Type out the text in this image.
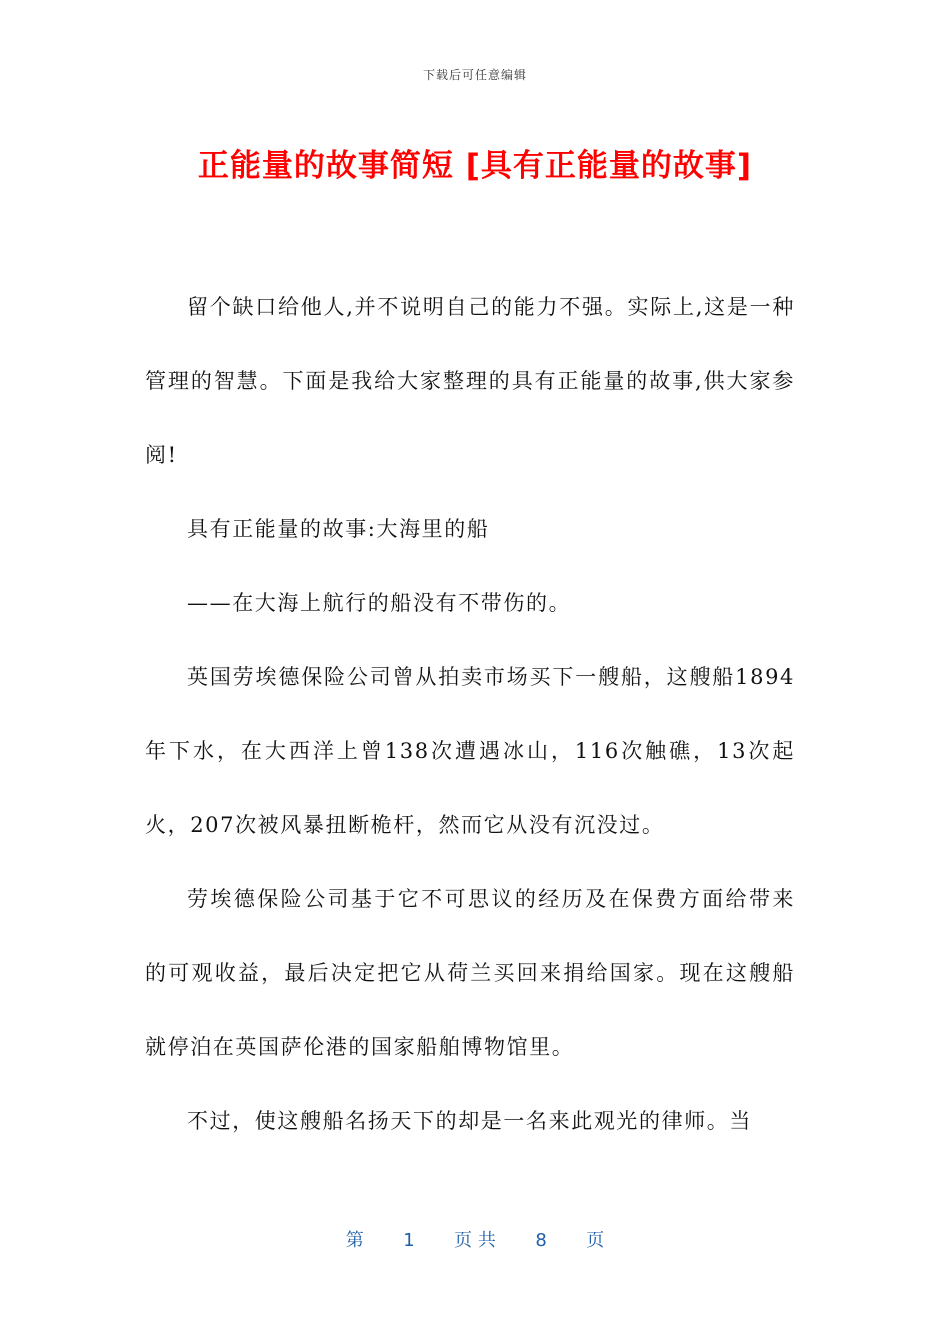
下载后可任意编辑
正能量的故事简短 [具有正能量的故事]

留个缺口给他人,并不说明自己的能力不强。实际上,这是一种管理的智慧。下面是我给大家整理的具有正能量的故事,供大家参阅!

具有正能量的故事:大海里的船

——在大海上航行的船没有不带伤的。

英国劳埃德保险公司曾从拍卖市场买下一艘船，这艘船1894年下水，在大西洋上曾138次遭遇冰山，116次触礁，13次起火，207次被风暴扭断桅杆，然而它从没有沉没过。

劳埃德保险公司基于它不可思议的经历及在保费方面给带来的可观收益，最后决定把它从荷兰买回来捐给国家。现在这艘船就停泊在英国萨伦港的国家船舶博物馆里。

不过，使这艘船名扬天下的却是一名来此观光的律师。当

第 1 页 共 8 页
